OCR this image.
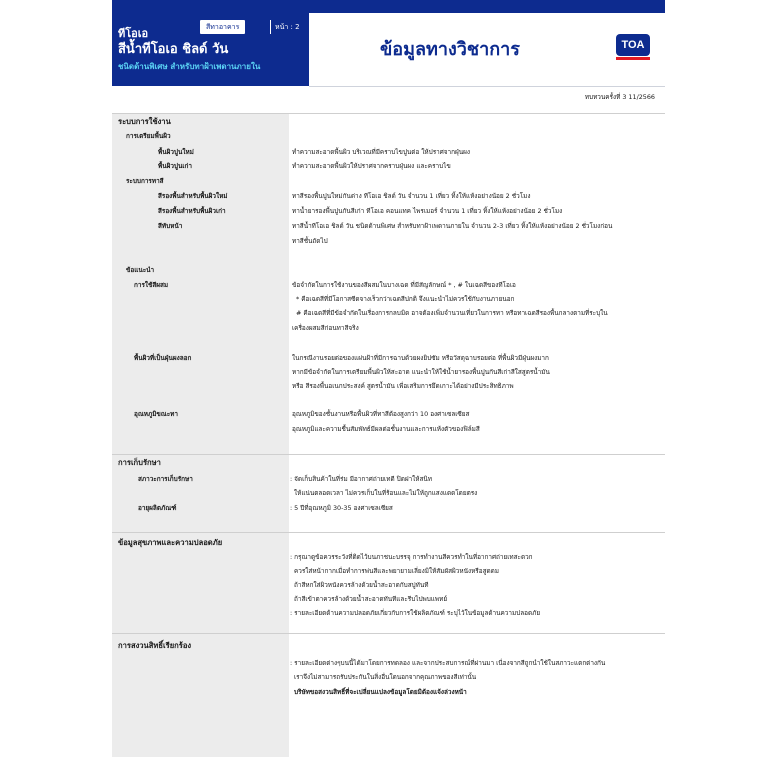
สีทาอาคาร	หน้า : 2
ทีโอเอ
สีน้ำทีโอเอ ชิลด์ วัน
ชนิดด้านพิเศษ สำหรับทาฝ้าเพดานภายใน
ข้อมูลทางวิชาการ	TOA
ทบทวนครั้งที่ 3 11/2566
ระบบการใช้งาน
การเตรียมพื้นผิว
พื้นผิวปูนใหม่	ทำความสะอาดพื้นผิว บริเวณที่มีคราบไขปูนต่อ ให้ปราศจากฝุ่นผง
พื้นผิวปูนเก่า	ทำความสะอาดพื้นผิวให้ปราศจากคราบฝุ่นผง และคราบไข
ระบบการทาสี
สีรองพื้นสำหรับพื้นผิวใหม่	ทาสีรองพื้นปูนใหม่กันด่าง ทีโอเอ ชิลด์ วัน จำนวน 1 เที่ยว ทิ้งให้แห้งอย่างน้อย 2 ชั่วโมง
สีรองพื้นสำหรับพื้นผิวเก่า	ทาน้ำยารองพื้นปูนกันสีเก่า ทีโอเอ คอนแทค ไพรเมอร์ จำนวน 1 เที่ยว ทิ้งให้แห้งอย่างน้อย 2 ชั่วโมง
สีทับหน้า	ทาสีน้ำทีโอเอ ชิลด์ วัน ชนิดด้านพิเศษ สำหรับทาฝ้าเพดานภายใน จำนวน 2-3 เที่ยว ทิ้งให้แห้งอย่างน้อย 2 ชั่วโมงก่อน
ทาสีชั้นถัดไป
ข้อแนะนำ
การใช้สีผสม	ข้อจำกัดในการใช้งานของสีผสมในบางเฉด ที่มีสัญลักษณ์ * , # ในเฉดสีของทีโอเอ
* คือเฉดสีที่มีโอกาสซีดจางเร็วกว่าเฉดสีปกติ จึงแนะนำไม่ควรใช้กับงานภายนอก
# คือเฉดสีที่มีข้อจำกัดในเรื่องการกลบมิด อาจต้องเพิ่มจำนวนเที่ยวในการทา หรือทาเฉดสีรองพื้นกลางตามที่ระบุใน
เครื่องผสมสีก่อนทาสีจริง
พื้นผิวที่เป็นฝุ่นผงลอก	ในกรณีงานรอยต่อของแผ่นฝ้าที่มีการฉาบด้วยผงยิปซัม หรือวัสดุฉาบรอยต่อ ที่พื้นผิวมีฝุ่นผงมาก
หากมีข้อจำกัดในการเตรียมพื้นผิวให้สะอาด แนะนำให้ใช้น้ำยารองพื้นปูนกันสีเก่าสีใสสูตรน้ำมัน
หรือ สีรองพื้นอเนกประสงค์ สูตรน้ำมัน เพื่อเสริมการยึดเกาะได้อย่างมีประสิทธิภาพ
อุณหภูมิขณะทา	อุณหภูมิของชั้นงานหรือพื้นผิวที่ทาสีต้องสูงกว่า 10 องศาเซลเซียส
อุณหภูมิและความชื้นสัมพัทธ์มีผลต่อชั้นงานและการแห้งตัวของฟิล์มสี
การเก็บรักษา
สภาวะการเก็บรักษา	: จัดเก็บสินค้าในที่ร่ม มีอากาศถ่ายเทดี ปิดฝาให้สนิท
ให้แน่นตลอดเวลา ไม่ควรเก็บในที่ร้อนและไม่ให้ถูกแสงแดดโดยตรง
อายุผลิตภัณฑ์	: 5 ปีที่อุณหภูมิ 30-35 องศาเซลเซียส
ข้อมูลสุขภาพและความปลอดภัย
: กรุณาดูข้อควรระวังที่ติดไว้บนภาชนะบรรจุ การทำงานสีควรทำในที่อากาศถ่ายเทสะดวก
ควรใส่หน้ากากเมื่อทำการพ่นสีและพยายามเลี่ยงมิให้สัมผัสผิวหนังหรือสูดดม
ถ้าสีหกใส่ผิวหนังควรล้างด้วยน้ำสะอาดกับสบู่ทันที
ถ้าสีเข้าตาควรล้างด้วยน้ำสะอาดทันทีและรีบไปพบแพทย์
: รายละเอียดด้านความปลอดภัยเกี่ยวกับการใช้ผลิตภัณฑ์ ระบุไว้ในข้อมูลด้านความปลอดภัย
การสงวนสิทธิ์เรียกร้อง
: รายละเอียดต่างๆบนนี้ได้มาโดยการทดลอง และจากประสบการณ์ที่ผ่านมา เนื่องจากสีถูกนำใช้ในสภาวะแตกต่างกัน
เราจึงไม่สามารถรับประกันในสิ่งอื่นใดนอกจากคุณภาพของสีเท่านั้น
บริษัทขอสงวนสิทธิ์ที่จะเปลี่ยนแปลงข้อมูลโดยมิต้องแจ้งล่วงหน้า
